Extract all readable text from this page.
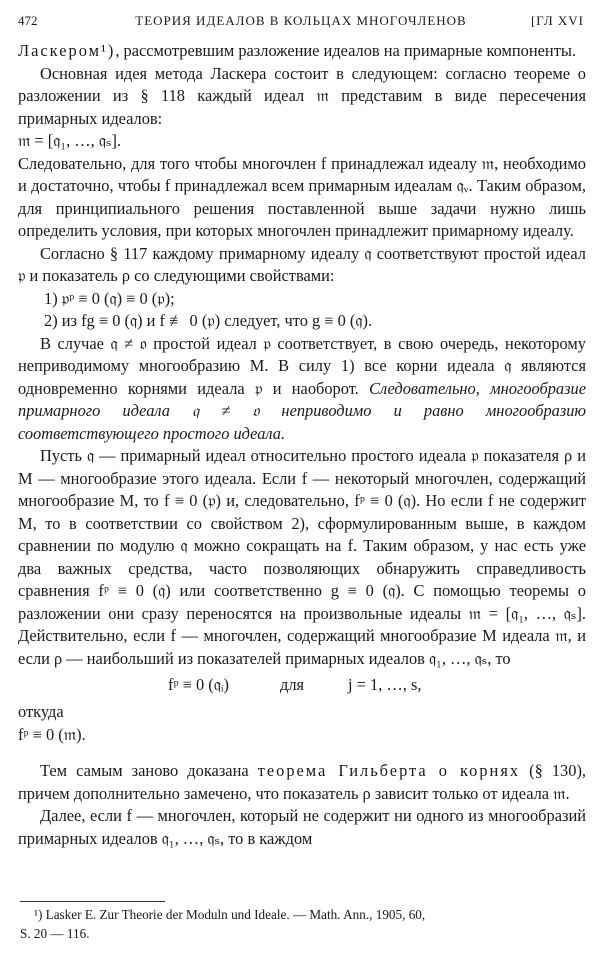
472	ТЕОРИЯ ИДЕАЛОВ В КОЛЬЦАХ МНОГОЧЛЕНОВ	[ГЛ XVI

Ласкером¹), рассмотревшим разложение идеалов на примарные компоненты.

Основная идея метода Ласкера состоит в следующем: согласно теореме о разложении из § 118 каждый идеал 𝔪 представим в виде пересечения примарных идеалов:

𝔪 = [𝔮₁, …, 𝔮ₛ].

Следовательно, для того чтобы многочлен f принадлежал идеалу 𝔪, необходимо и достаточно, чтобы f принадлежал всем примарным идеалам 𝔮ᵥ. Таким образом, для принципиального решения поставленной выше задачи нужно лишь определить условия, при которых многочлен принадлежит примарному идеалу.

Согласно § 117 каждому примарному идеалу 𝔮 соответствуют простой идеал 𝔭 и показатель ρ со следующими свойствами:

1) 𝔭ᵖ ≡ 0 (𝔮) ≡ 0 (𝔭);

2) из fg ≡ 0 (𝔮) и f ≢ 0 (𝔭) следует, что g ≡ 0 (𝔮).

В случае 𝔮 ≠ 𝔬 простой идеал 𝔭 соответствует, в свою очередь, некоторому неприводимому многообразию M. В силу 1) все корни идеала 𝔮 являются одновременно корнями идеала 𝔭 и наоборот. Следовательно, многообразие примарного идеала 𝔮 ≠ 𝔬 неприводимо и равно многообразию соответствующего простого идеала.

Пусть 𝔮 — примарный идеал относительно простого идеала 𝔭 показателя ρ и M — многообразие этого идеала. Если f — некоторый многочлен, содержащий многообразие M, то f ≡ 0 (𝔭) и, следовательно, fᵖ ≡ 0 (𝔮). Но если f не содержит M, то в соответствии со свойством 2), сформулированным выше, в каждом сравнении по модулю 𝔮 можно сокращать на f. Таким образом, у нас есть уже два важных средства, часто позволяющих обнаружить справедливость сравнения fᵖ ≡ 0 (𝔮) или соответственно g ≡ 0 (𝔮). С помощью теоремы о разложении они сразу переносятся на произвольные идеалы 𝔪 = [𝔮₁, …, 𝔮ₛ]. Действительно, если f — многочлен, содержащий многообразие M идеала 𝔪, и если ρ — наибольший из показателей примарных идеалов 𝔮₁, …, 𝔮ₛ, то

fᵖ ≡ 0 (𝔮ᵢ)	для	j = 1, …, s,

откуда

fᵖ ≡ 0 (𝔪).

Тем самым заново доказана теорема Гильберта о корнях (§ 130), причем дополнительно замечено, что показатель ρ зависит только от идеала 𝔪.

Далее, если f — многочлен, который не содержит ни одного из многообразий примарных идеалов 𝔮₁, …, 𝔮ₛ, то в каждом

¹) Lasker E. Zur Theorie der Moduln und Ideale. — Math. Ann., 1905, 60,
S. 20 — 116.
